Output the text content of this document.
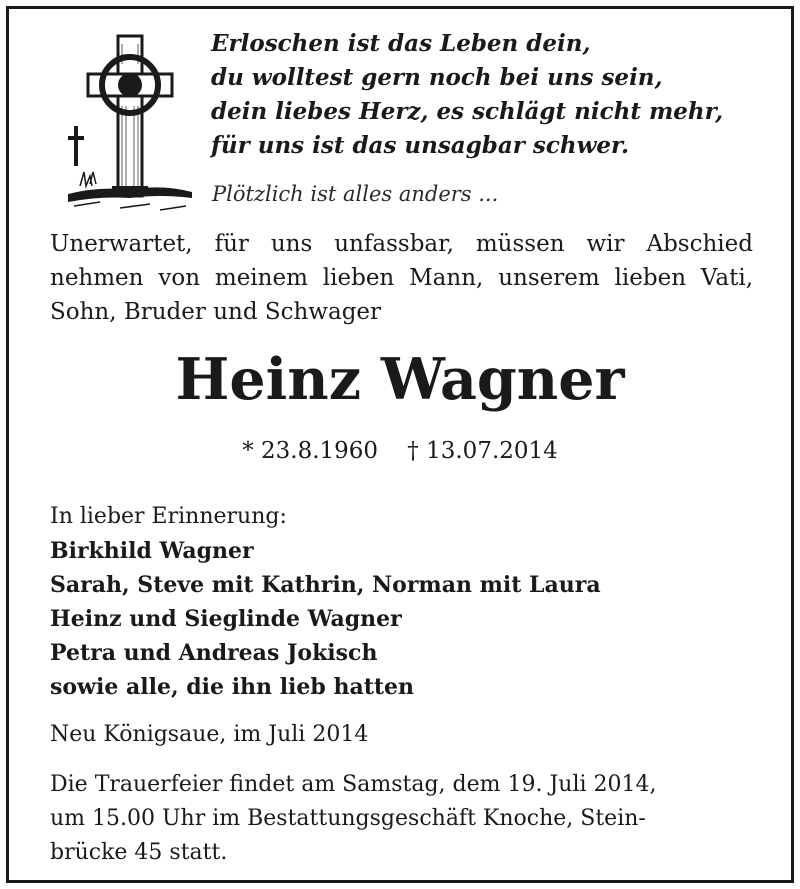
Erloschen ist das Leben dein,
du wolltest gern noch bei uns sein,
dein liebes Herz, es schlägt nicht mehr,
für uns ist das unsagbar schwer.
Plötzlich ist alles anders ...
Unerwartet, für uns unfassbar, müssen wir Abschied nehmen von meinem lieben Mann, unserem lieben Vati, Sohn, Bruder und Schwager
Heinz Wagner
* 23.8.1960    † 13.07.2014
In lieber Erinnerung:
Birkhild Wagner
Sarah, Steve mit Kathrin, Norman mit Laura
Heinz und Sieglinde Wagner
Petra und Andreas Jokisch
sowie alle, die ihn lieb hatten
Neu Königsaue, im Juli 2014
Die Trauerfeier findet am Samstag, dem 19. Juli 2014,
um 15.00 Uhr im Bestattungsgeschäft Knoche, Stein-
brücke 45 statt.
